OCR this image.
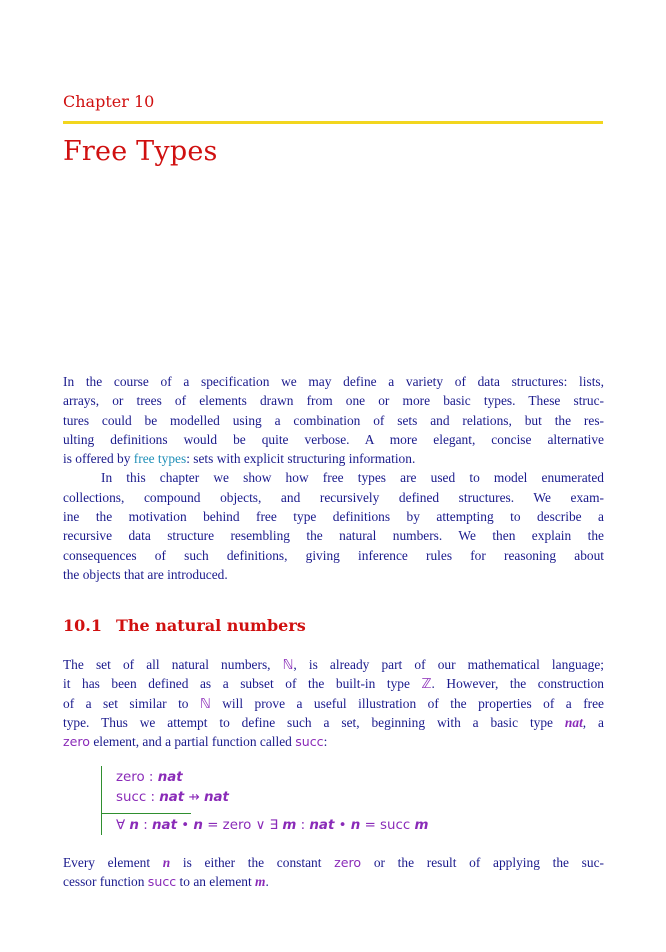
Chapter 10
Free Types
In the course of a specification we may define a variety of data structures: lists,
arrays, or trees of elements drawn from one or more basic types. These struc-
tures could be modelled using a combination of sets and relations, but the res-
ulting definitions would be quite verbose. A more elegant, concise alternative
is offered by free types: sets with explicit structuring information.
In this chapter we show how free types are used to model enumerated
collections, compound objects, and recursively defined structures. We exam-
ine the motivation behind free type definitions by attempting to describe a
recursive data structure resembling the natural numbers. We then explain the
consequences of such definitions, giving inference rules for reasoning about
the objects that are introduced.
10.1 The natural numbers
The set of all natural numbers, ℕ, is already part of our mathematical language;
it has been defined as a subset of the built-in type ℤ. However, the construction
of a set similar to ℕ will prove a useful illustration of the properties of a free
type. Thus we attempt to define such a set, beginning with a basic type nat, a
zero element, and a partial function called succ:
zero : nat
succ : nat ⇸ nat
∀ n : nat • n = zero ∨ ∃ m : nat • n = succ m
Every element n is either the constant zero or the result of applying the suc-
cessor function succ to an element m.
